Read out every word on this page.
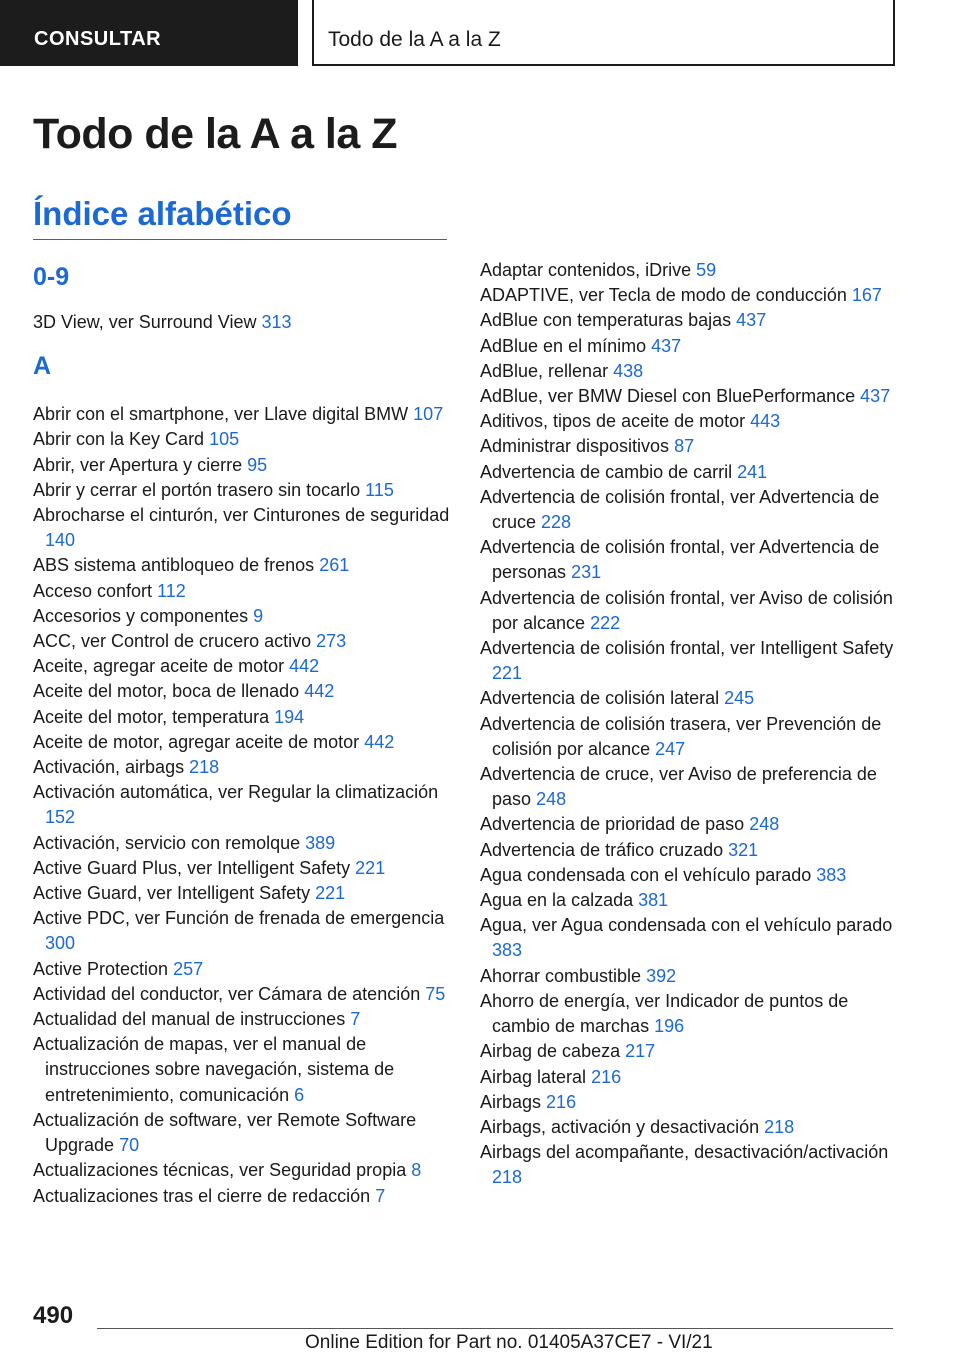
CONSULTAR	Todo de la A a la Z
Todo de la A a la Z
Índice alfabético
0-9
3D View, ver Surround View 313
A
Abrir con el smartphone, ver Llave digital BMW 107
Abrir con la Key Card 105
Abrir, ver Apertura y cierre 95
Abrir y cerrar el portón trasero sin tocarlo 115
Abrocharse el cinturón, ver Cinturones de seguridad 140
ABS sistema antibloqueo de frenos 261
Acceso confort 112
Accesorios y componentes 9
ACC, ver Control de crucero activo 273
Aceite, agregar aceite de motor 442
Aceite del motor, boca de llenado 442
Aceite del motor, temperatura 194
Aceite de motor, agregar aceite de motor 442
Activación, airbags 218
Activación automática, ver Regular la climatización 152
Activación, servicio con remolque 389
Active Guard Plus, ver Intelligent Safety 221
Active Guard, ver Intelligent Safety 221
Active PDC, ver Función de frenada de emergencia 300
Active Protection 257
Actividad del conductor, ver Cámara de atención 75
Actualidad del manual de instrucciones 7
Actualización de mapas, ver el manual de instrucciones sobre navegación, sistema de entretenimiento, comunicación 6
Actualización de software, ver Remote Software Upgrade 70
Actualizaciones técnicas, ver Seguridad propia 8
Actualizaciones tras el cierre de redacción 7
Adaptar contenidos, iDrive 59
ADAPTIVE, ver Tecla de modo de conducción 167
AdBlue con temperaturas bajas 437
AdBlue en el mínimo 437
AdBlue, rellenar 438
AdBlue, ver BMW Diesel con BluePerformance 437
Aditivos, tipos de aceite de motor 443
Administrar dispositivos 87
Advertencia de cambio de carril 241
Advertencia de colisión frontal, ver Advertencia de cruce 228
Advertencia de colisión frontal, ver Advertencia de personas 231
Advertencia de colisión frontal, ver Aviso de colisión por alcance 222
Advertencia de colisión frontal, ver Intelligent Safety 221
Advertencia de colisión lateral 245
Advertencia de colisión trasera, ver Prevención de colisión por alcance 247
Advertencia de cruce, ver Aviso de preferencia de paso 248
Advertencia de prioridad de paso 248
Advertencia de tráfico cruzado 321
Agua condensada con el vehículo parado 383
Agua en la calzada 381
Agua, ver Agua condensada con el vehículo parado 383
Ahorrar combustible 392
Ahorro de energía, ver Indicador de puntos de cambio de marchas 196
Airbag de cabeza 217
Airbag lateral 216
Airbags 216
Airbags, activación y desactivación 218
Airbags del acompañante, desactivación/activación 218
490
Online Edition for Part no. 01405A37CE7 - VI/21
